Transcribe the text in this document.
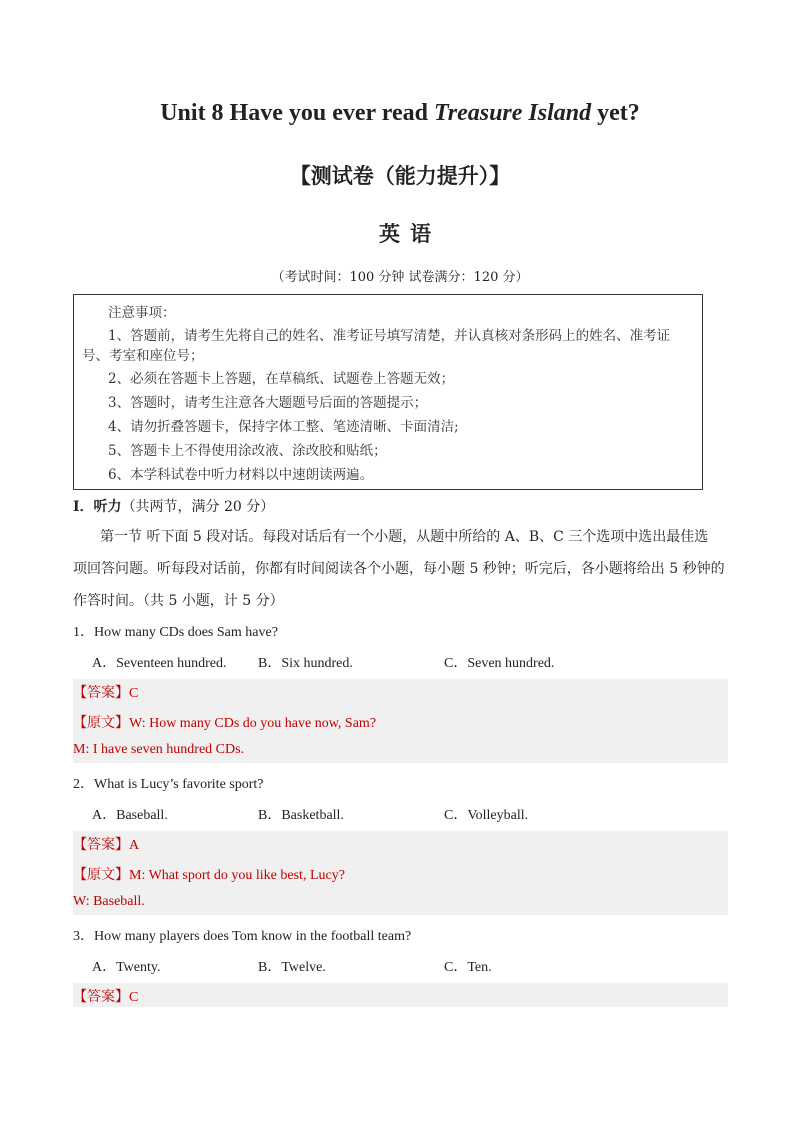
Unit 8 Have you ever read Treasure Island yet?
【测试卷（能力提升）】
英语
（考试时间：100 分钟 试卷满分：120 分）
注意事项：
1、答题前，请考生先将自己的姓名、准考证号填写清楚，并认真核对条形码上的姓名、准考证
号、考室和座位号；
2、必须在答题卡上答题，在草稿纸、试题卷上答题无效；
3、答题时，请考生注意各大题题号后面的答题提示；
4、请勿折叠答题卡，保持字体工整、笔迹清晰、卡面清洁;
5、答题卡上不得使用涂改液、涂改胶和贴纸；
6、本学科试卷中听力材料以中速朗读两遍。
I．听力（共两节，满分 20 分）
第一节 听下面 5 段对话。每段对话后有一个小题，从题中所给的 A、B、C 三个选项中选出最佳选
项回答问题。听每段对话前，你都有时间阅读各个小题，每小题 5 秒钟；听完后，各小题将给出 5 秒钟的
作答时间。（共 5 小题，计 5 分）
1．How many CDs does Sam have?
A．Seventeen hundred. B．Six hundred.	C．Seven hundred.
【答案】C
【原文】W: How many CDs do you have now, Sam?
M: I have seven hundred CDs.
2．What is Lucy’s favorite sport?
A．Baseball.	B．Basketball.	C．Volleyball.
【答案】A
【原文】M: What sport do you like best, Lucy?
W: Baseball.
3．How many players does Tom know in the football team?
A．Twenty.	B．Twelve.	C．Ten.
【答案】C
